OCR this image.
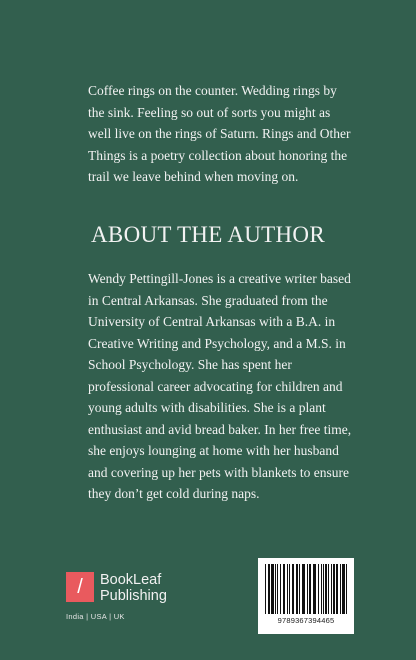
Coffee rings on the counter. Wedding rings by
the sink. Feeling so out of sorts you might as
well live on the rings of Saturn. Rings and Other
Things is a poetry collection about honoring the
trail we leave behind when moving on.
ABOUT THE AUTHOR
Wendy Pettingill-Jones is a creative writer based
in Central Arkansas. She graduated from the
University of Central Arkansas with a B.A. in
Creative Writing and Psychology, and a M.S. in
School Psychology. She has spent her
professional career advocating for children and
young adults with disabilities. She is a plant
enthusiast and avid bread baker. In her free time,
she enjoys lounging at home with her husband
and covering up her pets with blankets to ensure
they don’t get cold during naps.
/	BookLeaf
Publishing
India | USA | UK	9789367394465
